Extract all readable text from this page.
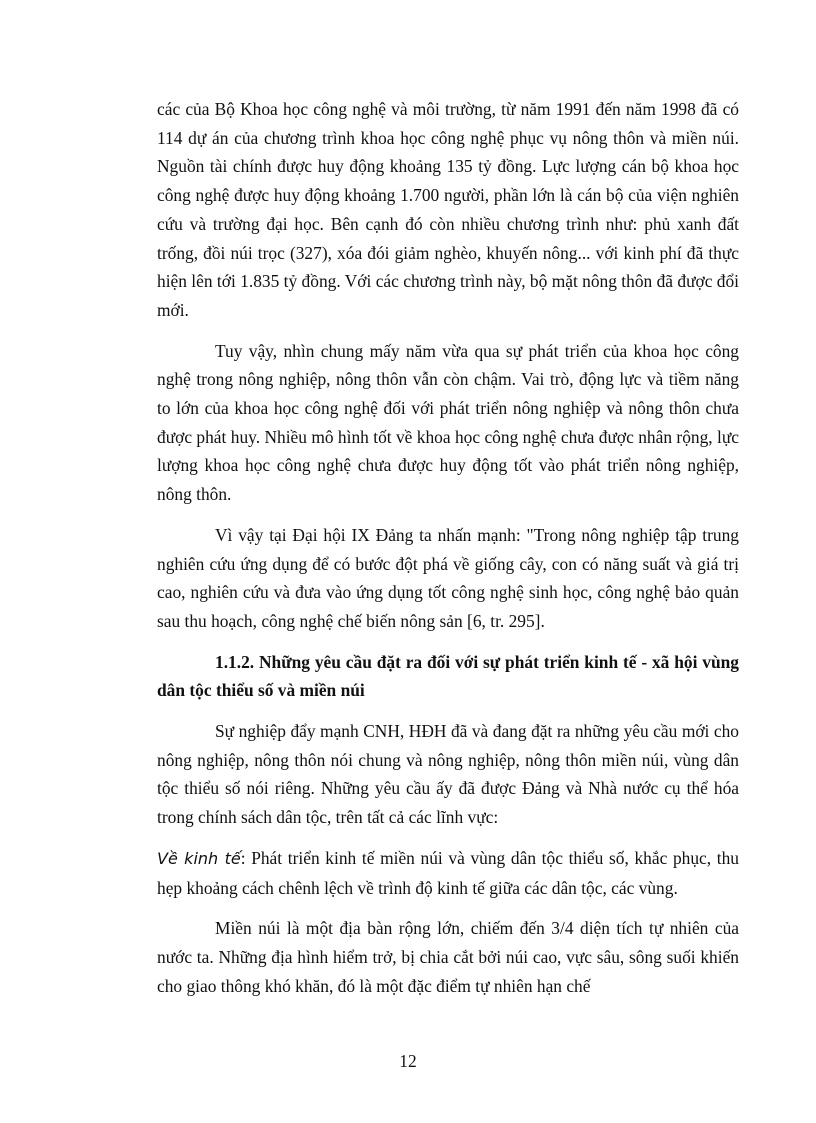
các của Bộ Khoa học công nghệ và môi trường, từ năm 1991 đến năm 1998 đã có 114 dự án của chương trình khoa học công nghệ phục vụ nông thôn và miền núi. Nguồn tài chính được huy động khoảng 135 tỷ đồng. Lực lượng cán bộ khoa học công nghệ được huy động khoảng 1.700 người, phần lớn là cán bộ của viện nghiên cứu và trường đại học. Bên cạnh đó còn nhiều chương trình như: phủ xanh đất trống, đồi núi trọc (327), xóa đói giảm nghèo, khuyến nông... với kinh phí đã thực hiện lên tới 1.835 tỷ đồng. Với các chương trình này, bộ mặt nông thôn đã được đổi mới.

Tuy vậy, nhìn chung mấy năm vừa qua sự phát triển của khoa học công nghệ trong nông nghiệp, nông thôn vẫn còn chậm. Vai trò, động lực và tiềm năng to lớn của khoa học công nghệ đối với phát triển nông nghiệp và nông thôn chưa được phát huy. Nhiều mô hình tốt về khoa học công nghệ chưa được nhân rộng, lực lượng khoa học công nghệ chưa được huy động tốt vào phát triển nông nghiệp, nông thôn.

Vì vậy tại Đại hội IX Đảng ta nhấn mạnh: "Trong nông nghiệp tập trung nghiên cứu ứng dụng để có bước đột phá về giống cây, con có năng suất và giá trị cao, nghiên cứu và đưa vào ứng dụng tốt công nghệ sinh học, công nghệ bảo quản sau thu hoạch, công nghệ chế biến nông sản [6, tr. 295].

1.1.2. Những yêu cầu đặt ra đối với sự phát triển kinh tế - xã hội vùng dân tộc thiểu số và miền núi

Sự nghiệp đẩy mạnh CNH, HĐH đã và đang đặt ra những yêu cầu mới cho nông nghiệp, nông thôn nói chung và nông nghiệp, nông thôn miền núi, vùng dân tộc thiểu số nói riêng. Những yêu cầu ấy đã được Đảng và Nhà nước cụ thể hóa trong chính sách dân tộc, trên tất cả các lĩnh vực:

Về kinh tế: Phát triển kinh tế miền núi và vùng dân tộc thiểu số, khắc phục, thu hẹp khoảng cách chênh lệch về trình độ kinh tế giữa các dân tộc, các vùng.

Miền núi là một địa bàn rộng lớn, chiếm đến 3/4 diện tích tự nhiên của nước ta. Những địa hình hiểm trở, bị chia cắt bởi núi cao, vực sâu, sông suối khiến cho giao thông khó khăn, đó là một đặc điểm tự nhiên hạn chế

12
